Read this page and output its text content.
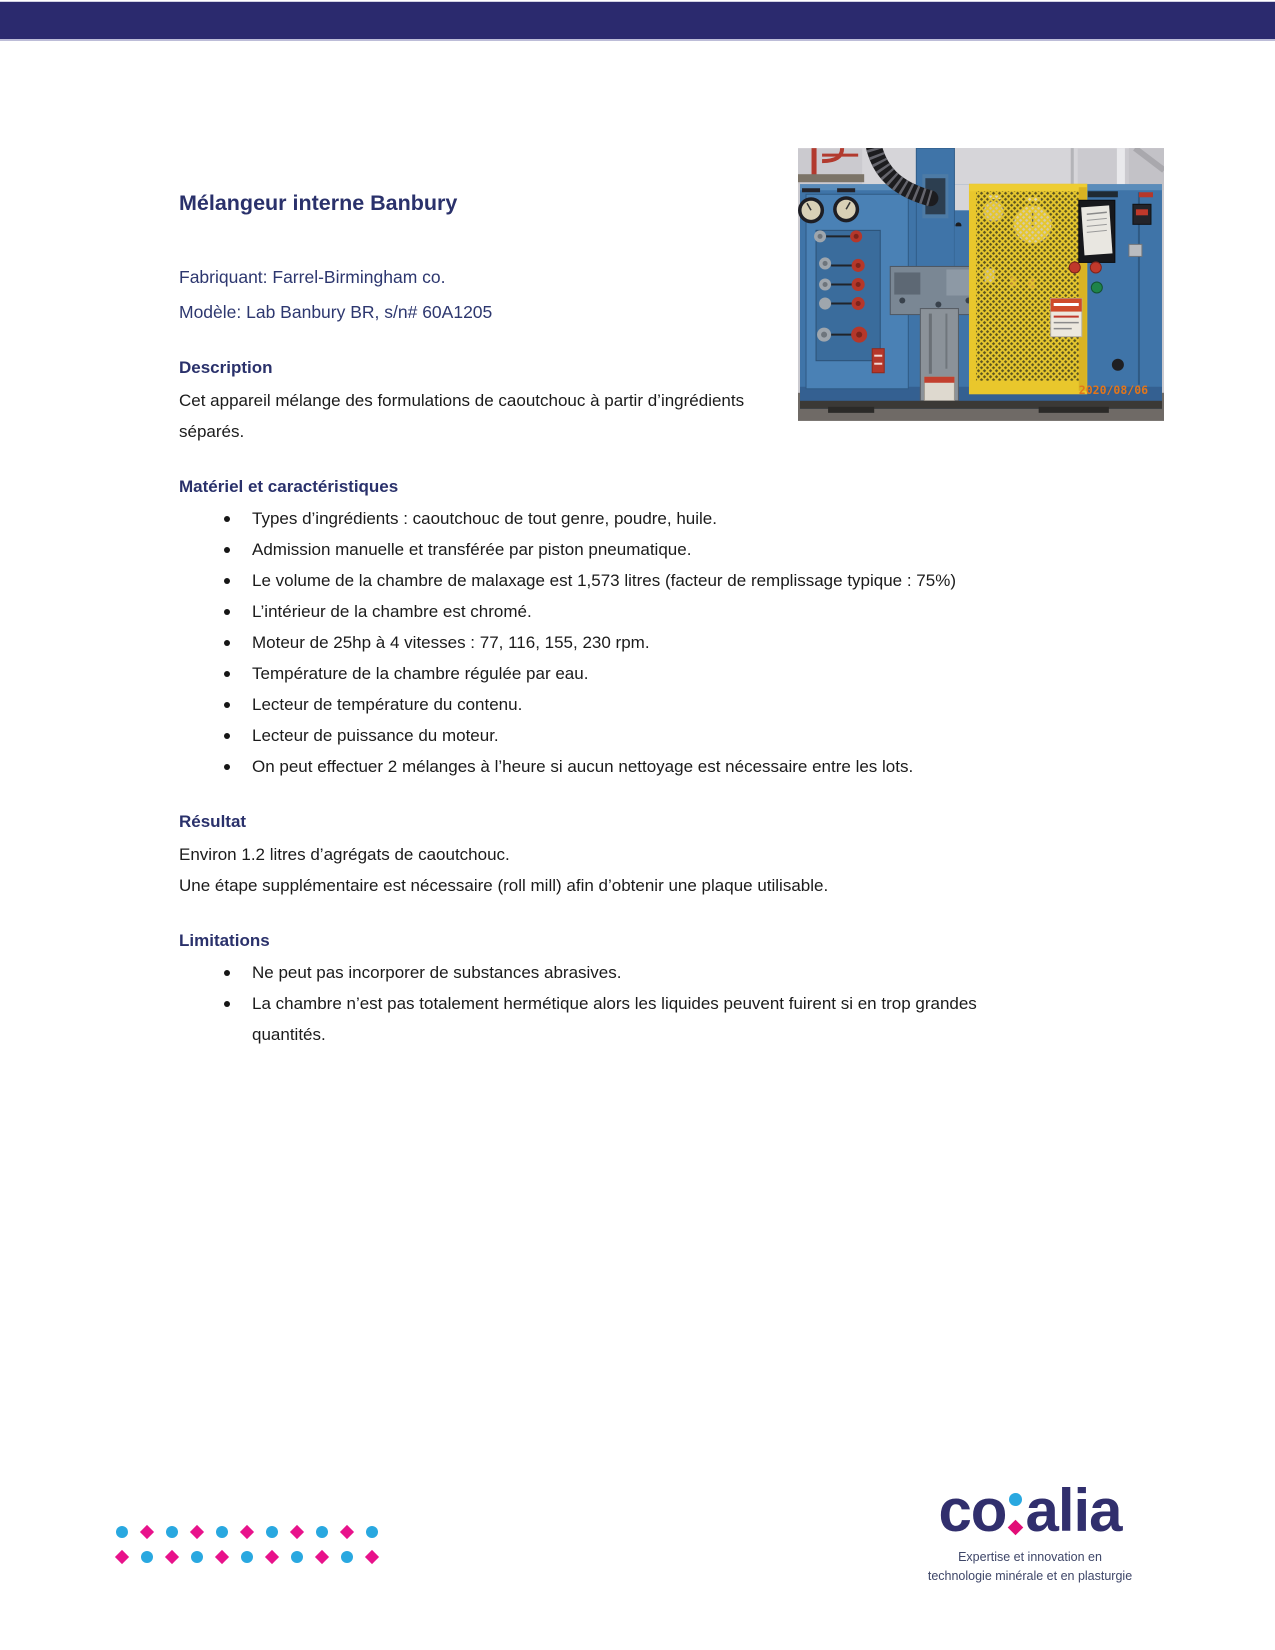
2020/08/06
Mélangeur interne Banbury

Fabriquant: Farrel-Birmingham co.

Modèle: Lab Banbury BR, s/n# 60A1205

Description

Cet appareil mélange des formulations de caoutchouc à partir d’ingrédients séparés.

Matériel et caractéristiques
Types d’ingrédients : caoutchouc de tout genre, poudre, huile.
Admission manuelle et transférée par piston pneumatique.
Le volume de la chambre de malaxage est 1,573 litres (facteur de remplissage typique : 75%)
L’intérieur de la chambre est chromé.
Moteur de 25hp à 4 vitesses : 77, 116, 155, 230 rpm.
Température de la chambre régulée par eau.
Lecteur de température du contenu.
Lecteur de puissance du moteur.
On peut effectuer 2 mélanges à l’heure si aucun nettoyage est nécessaire entre les lots.
Résultat

Environ 1.2 litres d’agrégats de caoutchouc.

Une étape supplémentaire est nécessaire (roll mill) afin d’obtenir une plaque utilisable.

Limitations
Ne peut pas incorporer de substances abrasives.
La chambre n’est pas totalement hermétique alors les liquides peuvent fuirent si en trop grandes quantités.
co alia
Expertise et innovation en
technologie minérale et en plasturgie
